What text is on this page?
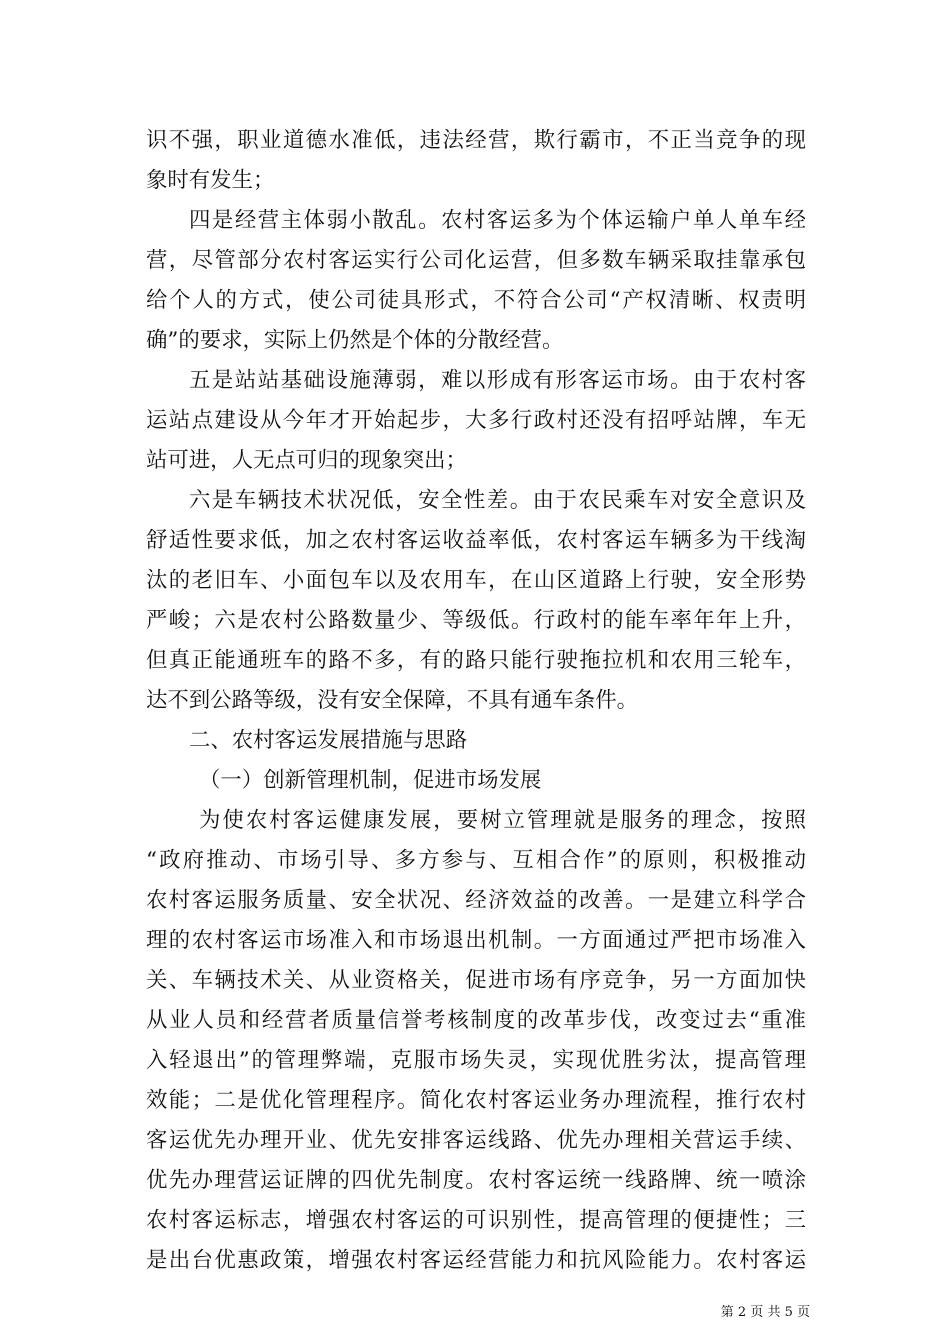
识不强，职业道德水准低，违法经营，欺行霸市，不正当竞争的现
象时有发生；
四是经营主体弱小散乱。农村客运多为个体运输户单人单车经
营，尽管部分农村客运实行公司化运营，但多数车辆采取挂靠承包
给个人的方式，使公司徒具形式，不符合公司“产权清晰、权责明
确”的要求，实际上仍然是个体的分散经营。
五是站站基础设施薄弱，难以形成有形客运市场。由于农村客
运站点建设从今年才开始起步，大多行政村还没有招呼站牌，车无
站可进，人无点可归的现象突出；
六是车辆技术状况低，安全性差。由于农民乘车对安全意识及
舒适性要求低，加之农村客运收益率低，农村客运车辆多为干线淘
汰的老旧车、小面包车以及农用车，在山区道路上行驶，安全形势
严峻；六是农村公路数量少、等级低。行政村的能车率年年上升，
但真正能通班车的路不多，有的路只能行驶拖拉机和农用三轮车，
达不到公路等级，没有安全保障，不具有通车条件。
二、农村客运发展措施与思路
（一）创新管理机制，促进市场发展
为使农村客运健康发展，要树立管理就是服务的理念，按照
“政府推动、市场引导、多方参与、互相合作”的原则，积极推动
农村客运服务质量、安全状况、经济效益的改善。一是建立科学合
理的农村客运市场准入和市场退出机制。一方面通过严把市场准入
关、车辆技术关、从业资格关，促进市场有序竞争，另一方面加快
从业人员和经营者质量信誉考核制度的改革步伐，改变过去“重准
入轻退出”的管理弊端，克服市场失灵，实现优胜劣汰，提高管理
效能；二是优化管理程序。简化农村客运业务办理流程，推行农村
客运优先办理开业、优先安排客运线路、优先办理相关营运手续、
优先办理营运证牌的四优先制度。农村客运统一线路牌、统一喷涂
农村客运标志，增强农村客运的可识别性，提高管理的便捷性；三
是出台优惠政策，增强农村客运经营能力和抗风险能力。农村客运
第 2 页 共 5 页
